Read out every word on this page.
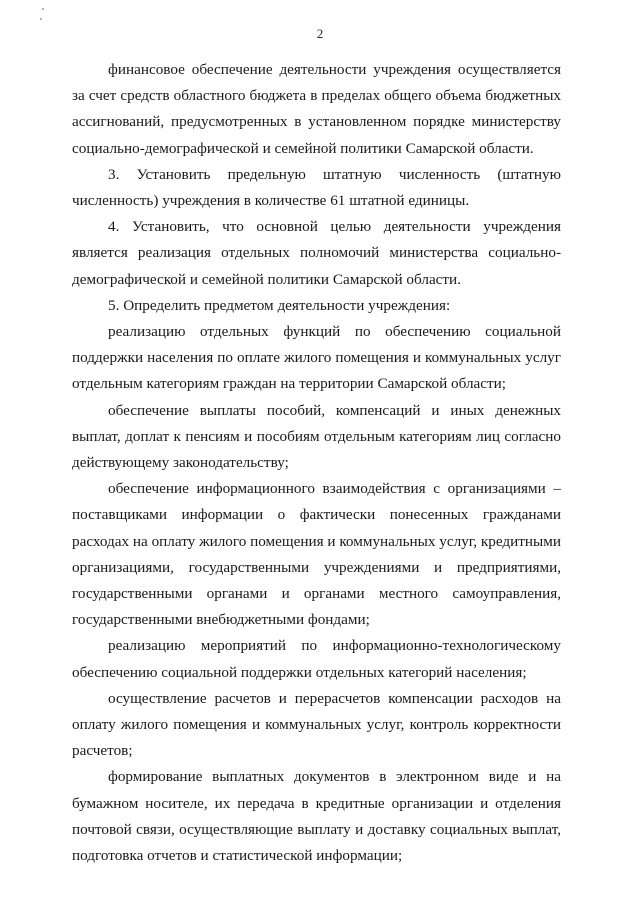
2

финансовое обеспечение деятельности учреждения осуществляется за счет средств областного бюджета в пределах общего объема бюджетных ассигнований, предусмотренных в установленном порядке министерству социально-демографической и семейной политики Самарской области.

3. Установить предельную штатную численность (штатную численность) учреждения в количестве 61 штатной единицы.

4. Установить, что основной целью деятельности учреждения является реализация отдельных полномочий министерства социально-демографической и семейной политики Самарской области.

5. Определить предметом деятельности учреждения:

реализацию отдельных функций по обеспечению социальной поддержки населения по оплате жилого помещения и коммунальных услуг отдельным категориям граждан на территории Самарской области;

обеспечение выплаты пособий, компенсаций и иных денежных выплат, доплат к пенсиям и пособиям отдельным категориям лиц согласно действующему законодательству;

обеспечение информационного взаимодействия с организациями – поставщиками информации о фактически понесенных гражданами расходах на оплату жилого помещения и коммунальных услуг, кредитными организациями, государственными учреждениями и предприятиями, государственными органами и органами местного самоуправления, государственными внебюджетными фондами;

реализацию мероприятий по информационно-технологическому обеспечению социальной поддержки отдельных категорий населения;

осуществление расчетов и перерасчетов компенсации расходов на оплату жилого помещения и коммунальных услуг, контроль корректности расчетов;

формирование выплатных документов в электронном виде и на бумажном носителе, их передача в кредитные организации и отделения почтовой связи, осуществляющие выплату и доставку социальных выплат, подготовка отчетов и статистической информации;
